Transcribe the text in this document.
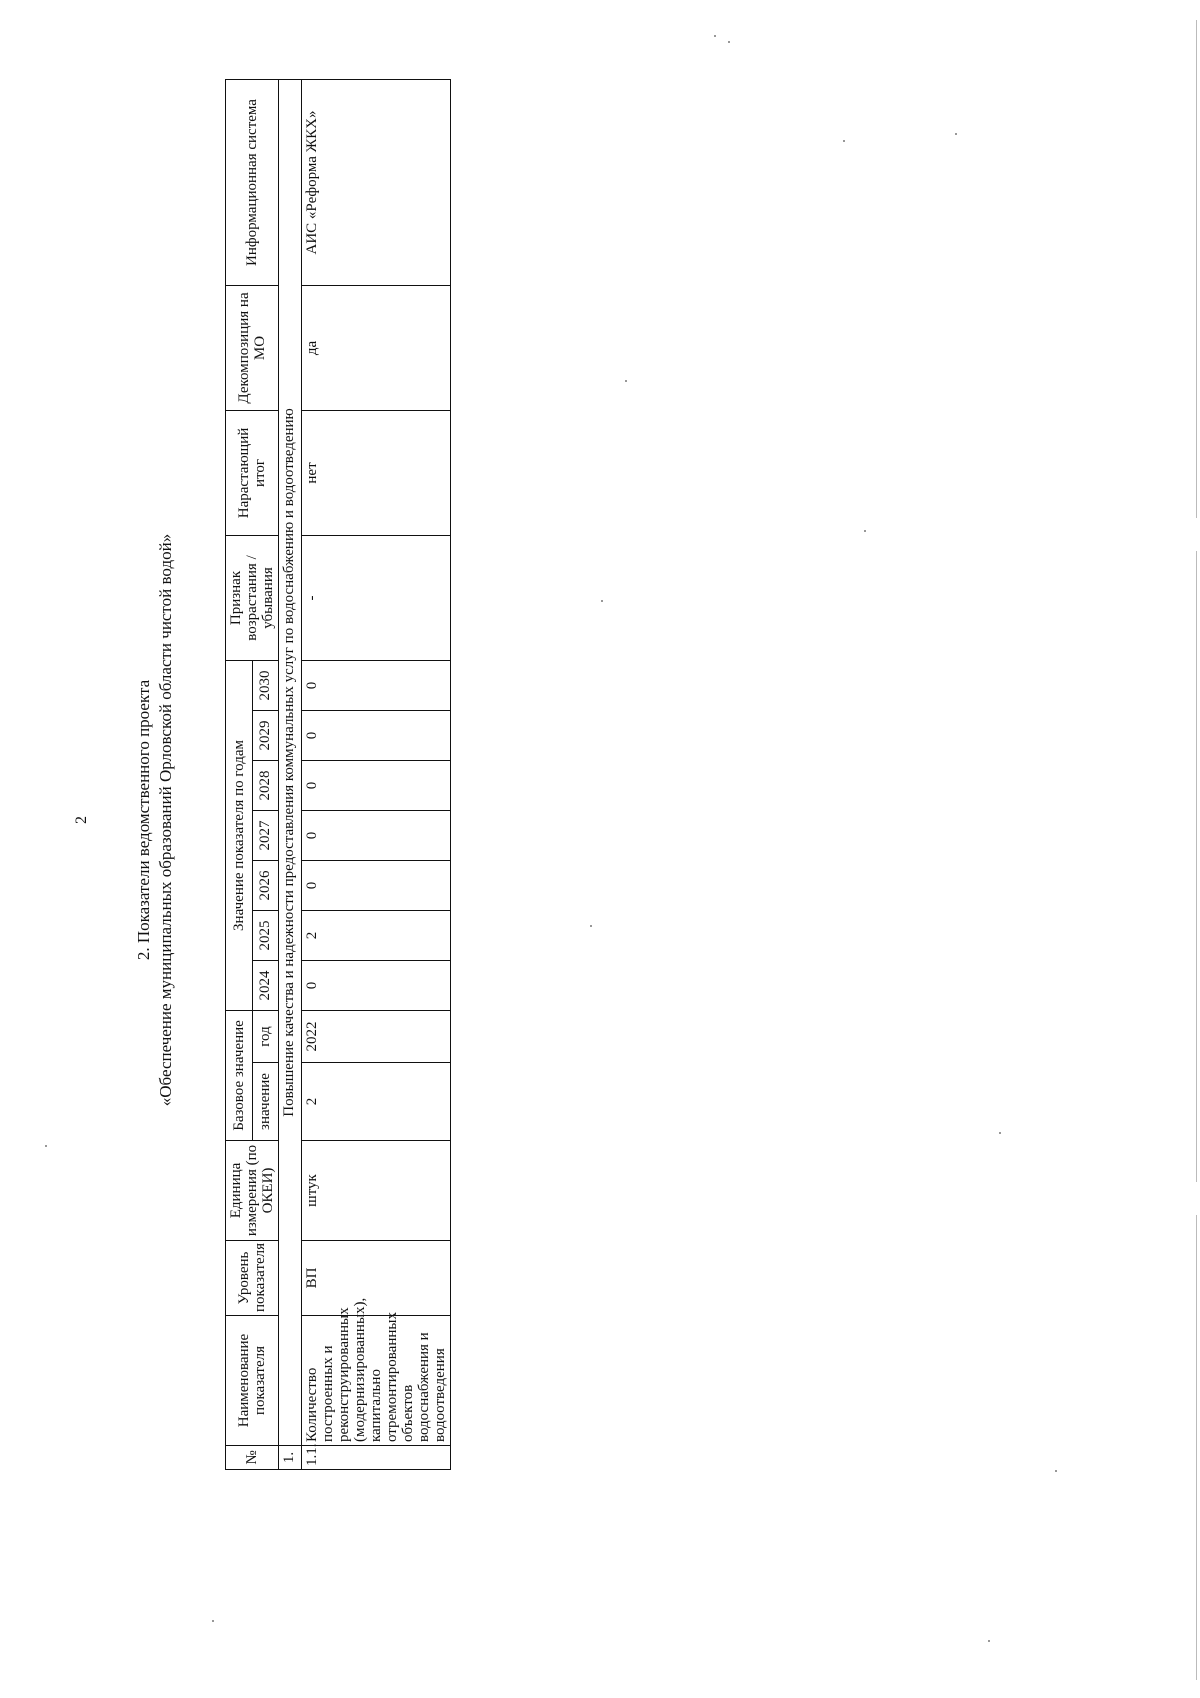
2	2. Показатели ведомственного проекта «Обеспечение муниципальных образований Орловской области чистой водой»
№	Наименование показателя	Уровень показателя	Единица измерения (по ОКЕИ)	Базовое значение		Значение показателя по годам							Признак возрастания / убывания	Нарастающий итог	Декомпозиция на МО	Информационная система
				значение	год	2024	2025	2026	2027	2028	2029	2030				
1.	Повышение качества и надежности предоставления коммунальных услуг по водоснабжению и водоотведению															
1.1.	Количество построенных и реконструированных (модернизированных), капитально отремонтированных объектов водоснабжения и водоотведения	ВП	штук	2	2022	0	2	0	0	0	0	0	-	нет	да	АИС «Реформа ЖКХ»
